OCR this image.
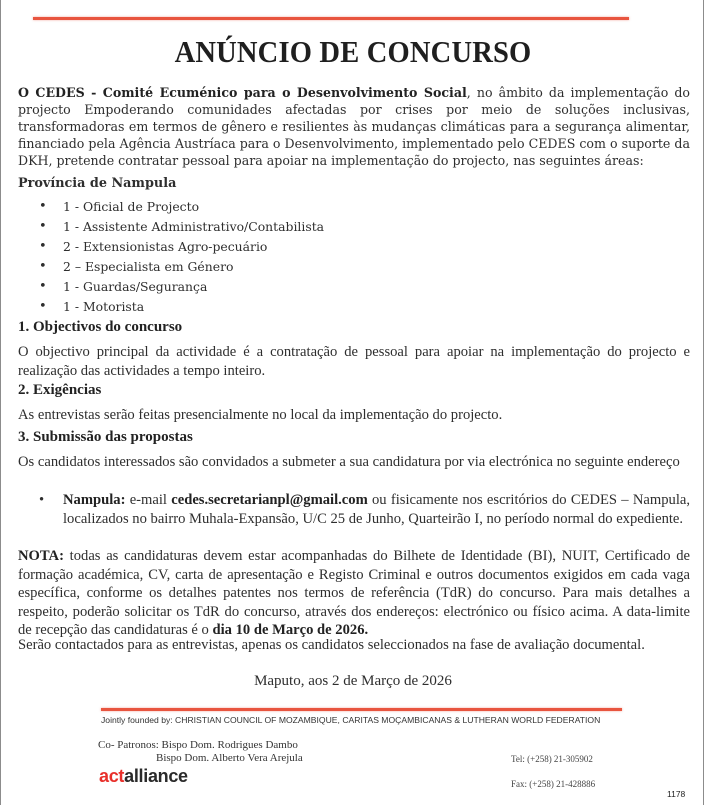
ANÚNCIO DE CONCURSO

O CEDES - Comité Ecuménico para o Desenvolvimento Social, no âmbito da implementação do projecto Empoderando comunidades afectadas por crises por meio de soluções inclusivas, transformadoras em termos de gênero e resilientes às mudanças climáticas para a segurança alimentar, financiado pela Agência Austríaca para o Desenvolvimento, implementado pelo CEDES com o suporte da DKH, pretende contratar pessoal para apoiar na implementação do projecto, nas seguintes áreas:

Província de Nampula
• 1 - Oficial de Projecto
• 1 - Assistente Administrativo/Contabilista
• 2 - Extensionistas Agro-pecuário
• 2 – Especialista em Género
• 1 - Guardas/Segurança
• 1 - Motorista
1. Objectivos do concurso

O objectivo principal da actividade é a contratação de pessoal para apoiar na implementação do projecto e realização das actividades a tempo inteiro.

2. Exigências

As entrevistas serão feitas presencialmente no local da implementação do projecto.

3. Submissão das propostas

Os candidatos interessados são convidados a submeter a sua candidatura por via electrónica no seguinte endereço

• Nampula: e-mail cedes.secretarianpl@gmail.com ou fisicamente nos escritórios do CEDES – Nampula, localizados no bairro Muhala-Expansão, U/C 25 de Junho, Quarteirão I, no período normal do expediente.

NOTA: todas as candidaturas devem estar acompanhadas do Bilhete de Identidade (BI), NUIT, Certificado de formação académica, CV, carta de apresentação e Registo Criminal e outros documentos exigidos em cada vaga específica, conforme os detalhes patentes nos termos de referência (TdR) do concurso. Para mais detalhes a respeito, poderão solicitar os TdR do concurso, através dos endereços: electrónico ou físico acima. A data-limite de recepção das candidaturas é o dia 10 de Março de 2026.

Serão contactados para as entrevistas, apenas os candidatos seleccionados na fase de avaliação documental.

Maputo, aos 2 de Março de 2026
Jointly founded by: CHRISTIAN COUNCIL OF MOZAMBIQUE, CARITAS MOÇAMBICANAS & LUTHERAN WORLD FEDERATION
Co- Patronos: Bispo Dom. Rodrigues Dambo
Bispo Dom. Alberto Vera Arejula
actalliance
Tel: (+258) 21-305902
Fax: (+258) 21-428886
1178
